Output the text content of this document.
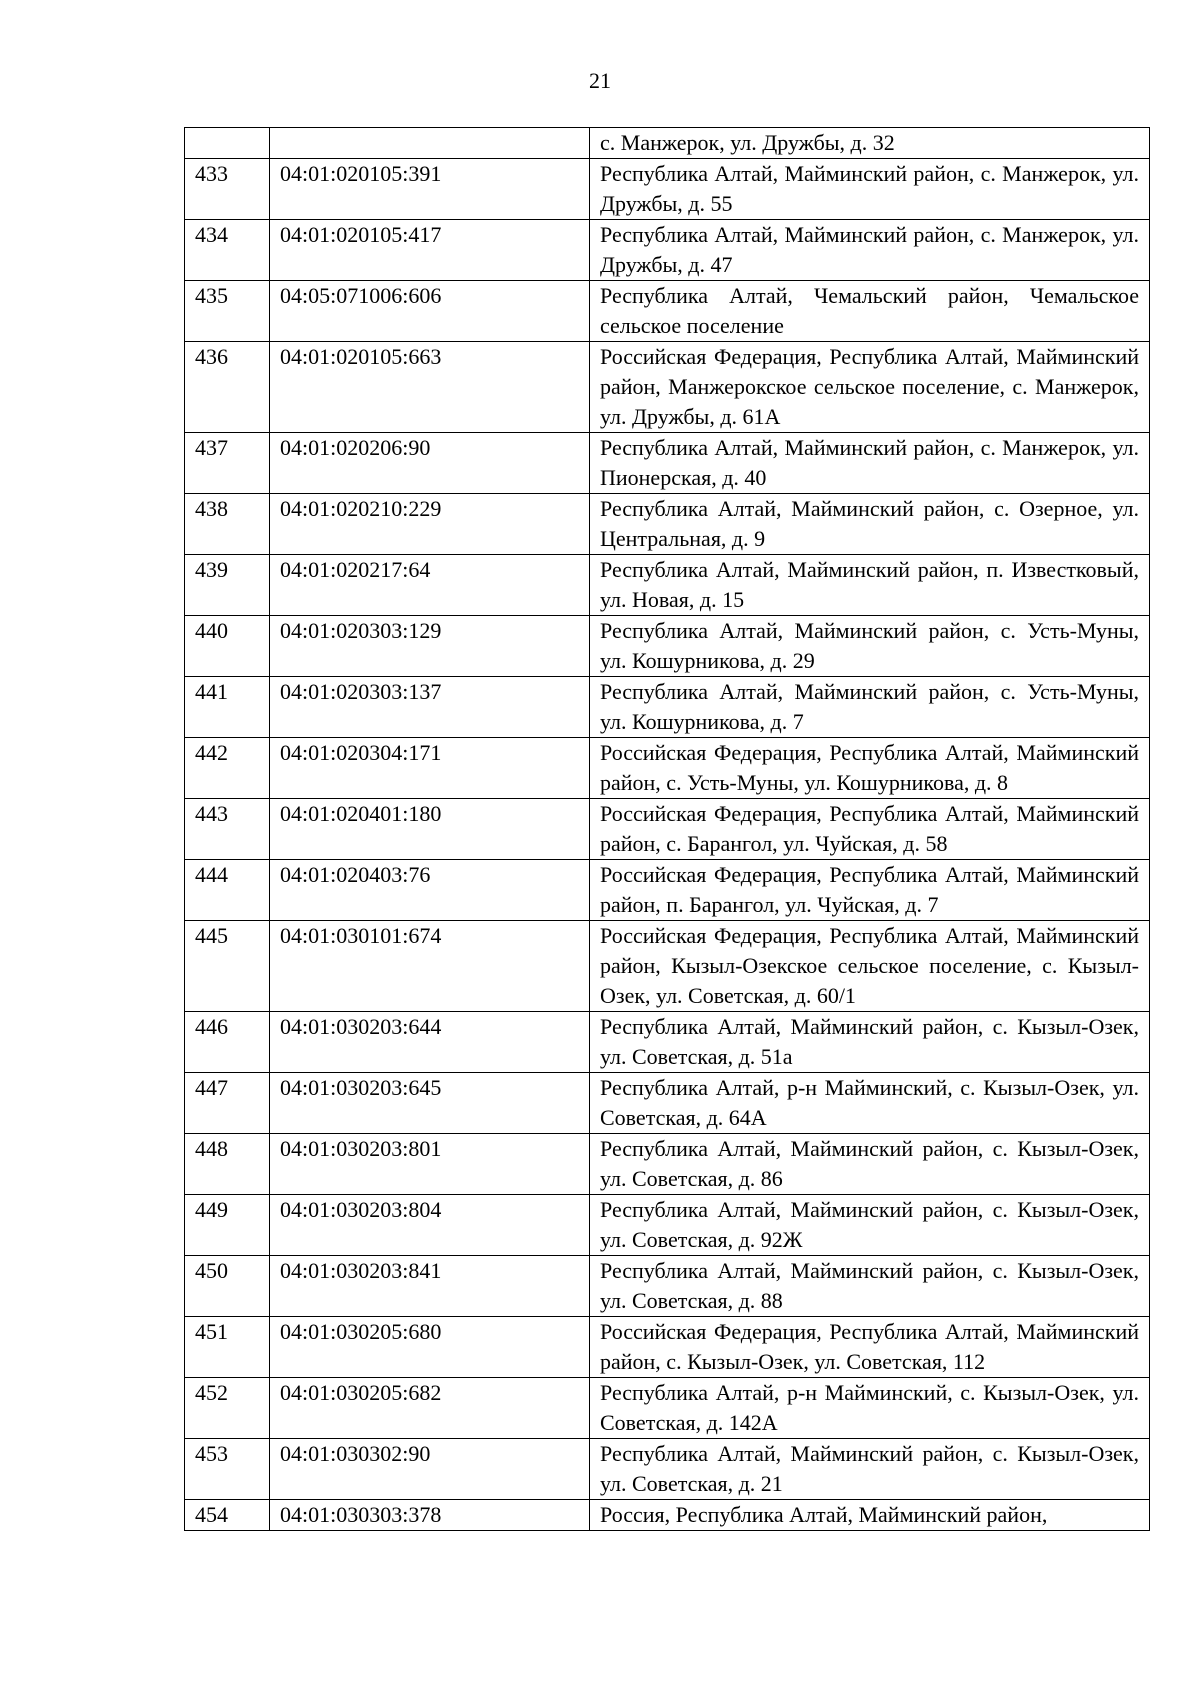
21
		с. Манжерок, ул. Дружбы, д. 32
433	04:01:020105:391	Республика Алтай, Майминский район, с. Манжерок, ул. Дружбы, д. 55
434	04:01:020105:417	Республика Алтай, Майминский район, с. Манжерок, ул. Дружбы, д. 47
435	04:05:071006:606	Республика Алтай, Чемальский район, Чемальское сельское поселение
436	04:01:020105:663	Российская Федерация, Республика Алтай, Майминский район, Манжерокское сельское поселение, с. Манжерок, ул. Дружбы, д. 61А
437	04:01:020206:90	Республика Алтай, Майминский район, с. Манжерок, ул. Пионерская, д. 40
438	04:01:020210:229	Республика Алтай, Майминский район, с. Озерное, ул. Центральная, д. 9
439	04:01:020217:64	Республика Алтай, Майминский район, п. Известковый, ул. Новая, д. 15
440	04:01:020303:129	Республика Алтай, Майминский район, с. Усть-Муны, ул. Кошурникова, д. 29
441	04:01:020303:137	Республика Алтай, Майминский район, с. Усть-Муны, ул. Кошурникова, д. 7
442	04:01:020304:171	Российская Федерация, Республика Алтай, Майминский район, с. Усть-Муны, ул. Кошурникова, д. 8
443	04:01:020401:180	Российская Федерация, Республика Алтай, Майминский район, с. Барангол, ул. Чуйская, д. 58
444	04:01:020403:76	Российская Федерация, Республика Алтай, Майминский район, п. Барангол, ул. Чуйская, д. 7
445	04:01:030101:674	Российская Федерация, Республика Алтай, Майминский район, Кызыл-Озекское сельское поселение, с. Кызыл-Озек, ул. Советская, д. 60/1
446	04:01:030203:644	Республика Алтай, Майминский район, с. Кызыл-Озек, ул. Советская, д. 51а
447	04:01:030203:645	Республика Алтай, р-н Майминский, с. Кызыл-Озек, ул. Советская, д. 64А
448	04:01:030203:801	Республика Алтай, Майминский район, с. Кызыл-Озек, ул. Советская, д. 86
449	04:01:030203:804	Республика Алтай, Майминский район, с. Кызыл-Озек, ул. Советская, д. 92Ж
450	04:01:030203:841	Республика Алтай, Майминский район, с. Кызыл-Озек, ул. Советская, д. 88
451	04:01:030205:680	Российская Федерация, Республика Алтай, Майминский район, с. Кызыл-Озек, ул. Советская, 112
452	04:01:030205:682	Республика Алтай, р-н Майминский, с. Кызыл-Озек, ул. Советская, д. 142А
453	04:01:030302:90	Республика Алтай, Майминский район, с. Кызыл-Озек, ул. Советская, д. 21
454	04:01:030303:378	Россия, Республика Алтай, Майминский район,
